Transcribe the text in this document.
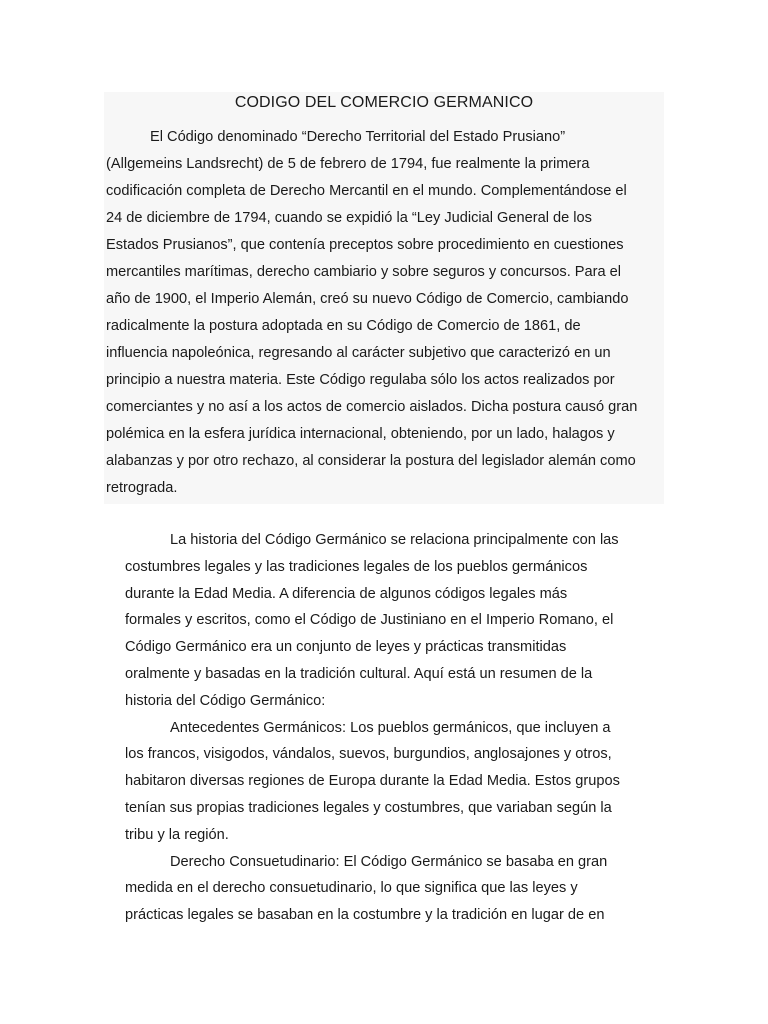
CODIGO DEL COMERCIO GERMANICO

El Código denominado “Derecho Territorial del Estado Prusiano”
(Allgemeins Landsrecht) de 5 de febrero de 1794, fue realmente la primera
codificación completa de Derecho Mercantil en el mundo. Complementándose el
24 de diciembre de 1794, cuando se expidió la “Ley Judicial General de los
Estados Prusianos”, que contenía preceptos sobre procedimiento en cuestiones
mercantiles marítimas, derecho cambiario y sobre seguros y concursos. Para el
año de 1900, el Imperio Alemán, creó su nuevo Código de Comercio, cambiando
radicalmente la postura adoptada en su Código de Comercio de 1861, de
influencia napoleónica, regresando al carácter subjetivo que caracterizó en un
principio a nuestra materia. Este Código regulaba sólo los actos realizados por
comerciantes y no así a los actos de comercio aislados. Dicha postura causó gran
polémica en la esfera jurídica internacional, obteniendo, por un lado, halagos y
alabanzas y por otro rechazo, al considerar la postura del legislador alemán como
retrograda.

La historia del Código Germánico se relaciona principalmente con las
costumbres legales y las tradiciones legales de los pueblos germánicos
durante la Edad Media. A diferencia de algunos códigos legales más
formales y escritos, como el Código de Justiniano en el Imperio Romano, el
Código Germánico era un conjunto de leyes y prácticas transmitidas
oralmente y basadas en la tradición cultural. Aquí está un resumen de la
historia del Código Germánico:
Antecedentes Germánicos: Los pueblos germánicos, que incluyen a
los francos, visigodos, vándalos, suevos, burgundios, anglosajones y otros,
habitaron diversas regiones de Europa durante la Edad Media. Estos grupos
tenían sus propias tradiciones legales y costumbres, que variaban según la
tribu y la región.
Derecho Consuetudinario: El Código Germánico se basaba en gran
medida en el derecho consuetudinario, lo que significa que las leyes y
prácticas legales se basaban en la costumbre y la tradición en lugar de en
